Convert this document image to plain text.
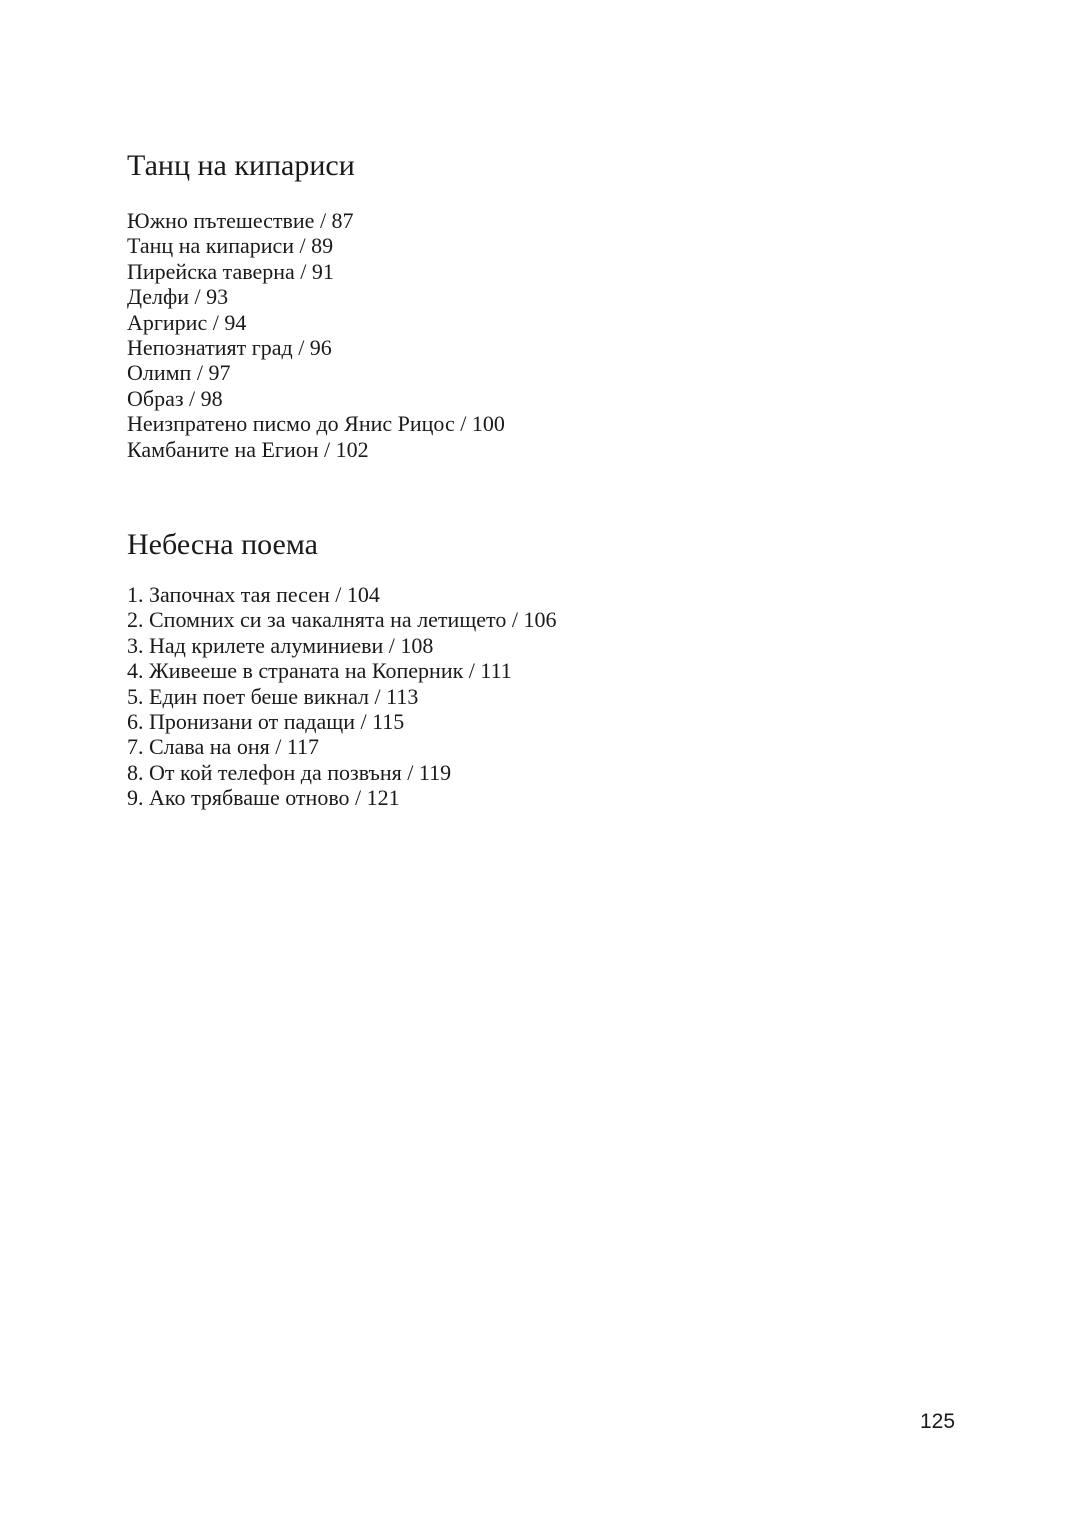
Танц на кипариси
Южно пътешествие / 87
Танц на кипариси / 89
Пирейска таверна / 91
Делфи / 93
Аргирис / 94
Непознатият град / 96
Олимп / 97
Образ / 98
Неизпратено писмо до Янис Рицос / 100
Камбаните на Егион / 102
Небесна поема
1. Започнах тая песен / 104
2. Спомних си за чакалнята на летището / 106
3. Над крилете алуминиеви / 108
4. Живееше в страната на Коперник / 111
5. Един поет беше викнал / 113
6. Пронизани от падащи / 115
7. Слава на оня / 117
8. От кой телефон да позвъня / 119
9. Ако трябваше отново / 121
125
